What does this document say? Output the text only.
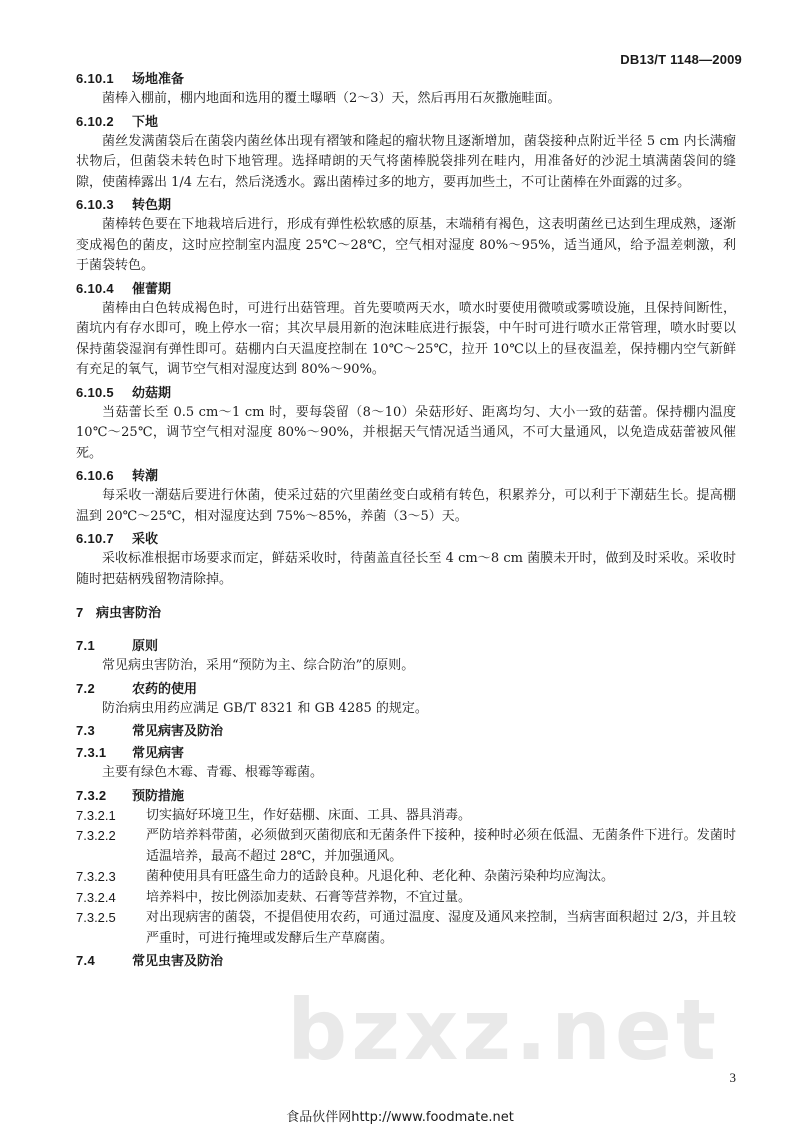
DB13/T 1148—2009
6.10.1	场地准备

菌棒入棚前，棚内地面和选用的覆土曝晒（2～3）天，然后再用石灰撒施畦面。

6.10.2	下地

菌丝发满菌袋后在菌袋内菌丝体出现有褶皱和隆起的瘤状物且逐渐增加，菌袋接种点附近半径 5 cm 内长满瘤状物后，但菌袋未转色时下地管理。选择晴朗的天气将菌棒脱袋排列在畦内，用准备好的沙泥土填满菌袋间的缝隙，使菌棒露出 1/4 左右，然后浇透水。露出菌棒过多的地方，要再加些土，不可让菌棒在外面露的过多。

6.10.3	转色期

菌棒转色要在下地栽培后进行，形成有弹性松软感的原基，末端稍有褐色，这表明菌丝已达到生理成熟，逐渐变成褐色的菌皮，这时应控制室内温度 25℃～28℃，空气相对湿度 80%～95%，适当通风，给予温差刺激，利于菌袋转色。

6.10.4	催蕾期

菌棒由白色转成褐色时，可进行出菇管理。首先要喷两天水，喷水时要使用微喷或雾喷设施，且保持间断性，菌坑内有存水即可，晚上停水一宿；其次早晨用新的泡沫畦底进行振袋，中午时可进行喷水正常管理，喷水时要以保持菌袋湿润有弹性即可。菇棚内白天温度控制在 10℃～25℃，拉开 10℃以上的昼夜温差，保持棚内空气新鲜有充足的氧气，调节空气相对湿度达到 80%～90%。

6.10.5	幼菇期

当菇蕾长至 0.5 cm～1 cm 时，要每袋留（8～10）朵菇形好、距离均匀、大小一致的菇蕾。保持棚内温度 10℃～25℃，调节空气相对湿度 80%～90%，并根据天气情况适当通风，不可大量通风，以免造成菇蕾被风催死。

6.10.6	转潮

每采收一潮菇后要进行休菌，使采过菇的穴里菌丝变白或稍有转色，积累养分，可以利于下潮菇生长。提高棚温到 20℃～25℃，相对湿度达到 75%～85%，养菌（3～5）天。

6.10.7	采收

采收标准根据市场要求而定，鲜菇采收时，待菌盖直径长至 4 cm～8 cm 菌膜未开时，做到及时采收。采收时随时把菇柄残留物清除掉。

7 病虫害防治
7.1	原则

常见病虫害防治，采用“预防为主、综合防治”的原则。

7.2	农药的使用

防治病虫用药应满足 GB/T 8321 和 GB 4285 的规定。

7.3	常见病害及防治
7.3.1	常见病害

主要有绿色木霉、青霉、根霉等霉菌。

7.3.2	预防措施
7.3.2.1	切实搞好环境卫生，作好菇棚、床面、工具、器具消毒。
7.3.2.2	严防培养料带菌，必须做到灭菌彻底和无菌条件下接种，接种时必须在低温、无菌条件下进行。发菌时适温培养，最高不超过 28℃，并加强通风。
7.3.2.3	菌种使用具有旺盛生命力的适龄良种。凡退化种、老化种、杂菌污染种均应淘汰。
7.3.2.4	培养料中，按比例添加麦麸、石膏等营养物，不宜过量。
7.3.2.5	对出现病害的菌袋，不提倡使用农药，可通过温度、湿度及通风来控制，当病害面积超过 2/3，并且较严重时，可进行掩埋或发酵后生产草腐菌。
7.4	常见虫害及防治
bzxz.net 3
食品伙伴网http://www.foodmate.net
